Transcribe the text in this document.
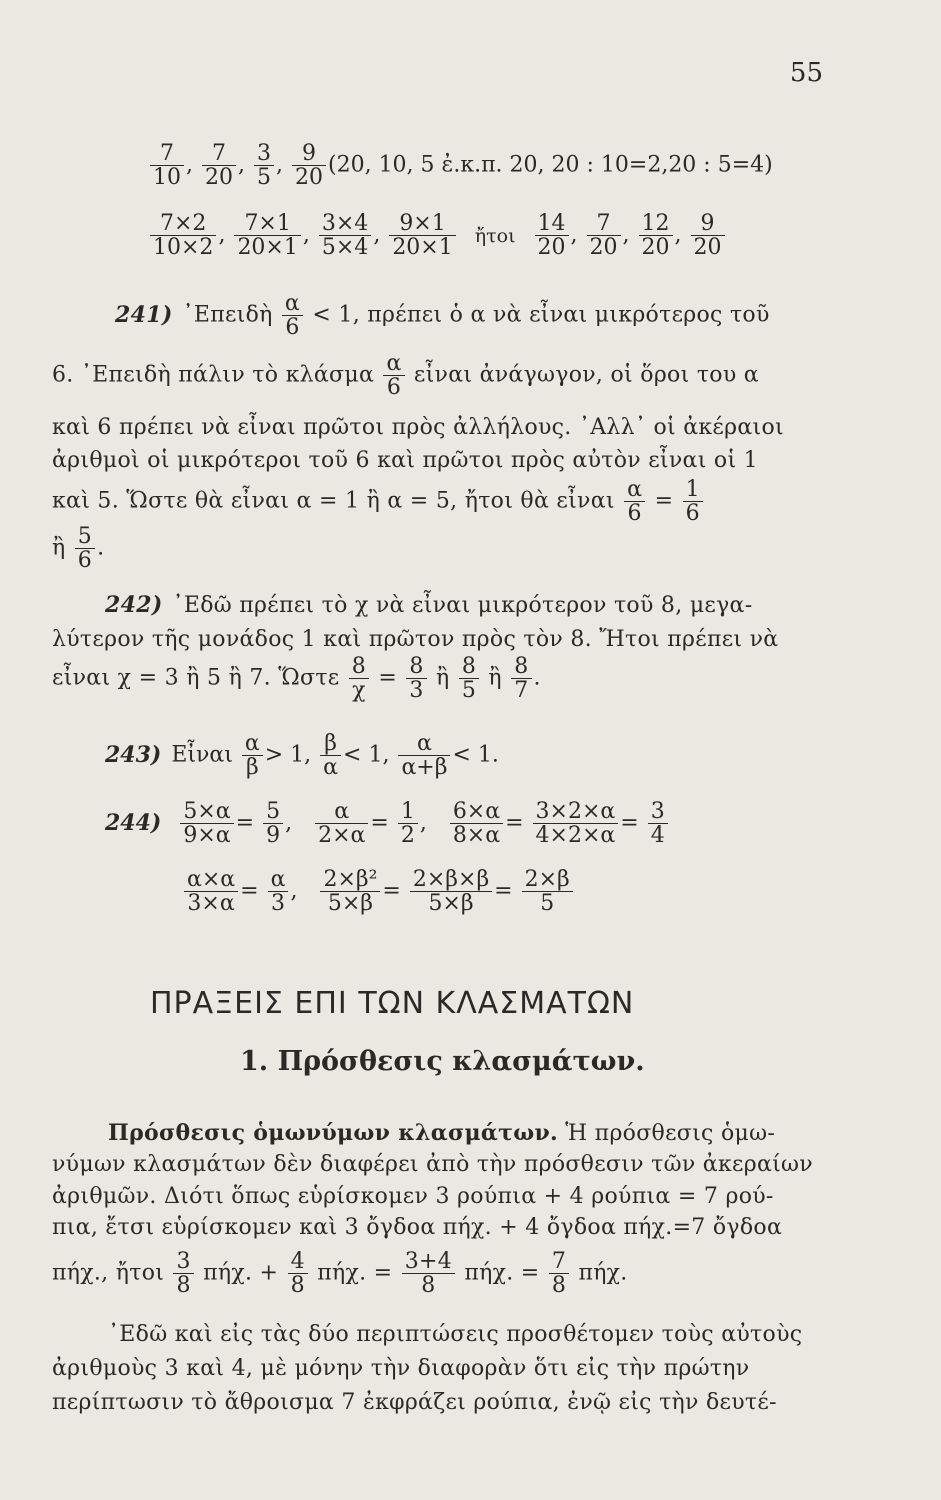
55
$\frac{7}{10}$ , $\frac{7}{20}$ , $\frac{3}{5}$ , $\frac{9}{20} (20$, 10, 5 ἐ.κ.π. 20, 20 : 10=2,20 : 5=4)
$\frac{7\times 2}{10\times 2}$ , $\frac{7\times 1}{20\times 1}$ , $\frac{3\times 4}{5\times 4}$ , $\frac{9\times 1}{20\times 1}$ ἤτοι $\frac{14}{20}$ , $\frac{7}{20}$ , $\frac{12}{20}$ , $\frac{9}{20}$
241) ᾿Επειδὴ $\frac{\alpha}{6} < 1$, πρέπει ὁ α νὰ εἶναι μικρότερος τοῦ
6. ᾿Επειδὴ πάλιν τὸ κλάσμα $\frac{\alpha}{6}$ εἶναι ἀνάγωγον, οἱ ὅροι του α
καὶ 6 πρέπει νὰ εἶναι πρῶτοι πρὸς ἀλλήλους. ᾿Αλλ᾿ οἱ ἀκέραιοι
ἀριθμοὶ οἱ μικρότεροι τοῦ 6 καὶ πρῶτοι πρὸς αὐτὸν εἶναι οἱ 1
καὶ 5. Ὥστε θὰ εἶναι α = 1 ἢ α = 5, ἤτοι θὰ εἶναι $\frac{\alpha}{6} = \frac{1}{6}$
ἢ $\frac{5}{6}$ .
242) ᾿Εδῶ πρέπει τὸ χ νὰ εἶναι μικρότερον τοῦ 8, μεγα-
λύτερον τῆς μονάδος 1 καὶ πρῶτον πρὸς τὸν 8. Ἤτοι πρέπει νὰ
εἶναι χ = 3 ἢ 5 ἢ 7. Ὥστε $\frac{8}{\chi} = \frac{8}{3}$ ἢ $\frac{8}{5}$ ἢ $\frac{8}{7}$ .
243) Εἶναι $\frac{\alpha}{\beta} > 1$, $\frac{\beta}{\alpha} < 1$, $\frac{\alpha}{\alpha+\beta} < 1$.
$244) \frac{5\times\alpha}{9\times\alpha} = \frac{5}{9}$ , $\frac{\alpha}{2\times\alpha} = \frac{1}{2}$ , $\frac{6\times\alpha}{8\times\alpha} = \frac{3\times 2\times\alpha}{4\times 2\times\alpha} = \frac{3}{4}$
$\frac{\alpha\times\alpha}{3\times\alpha} = \frac{\alpha}{3}$ , $\frac{\text{2×β²}}{5\times\beta} = \frac{2\times\beta\times\beta}{5\times\beta} = \frac{2\times\beta}{5}$
ΠΡΑΞΕΙΣ ΕΠΙ ΤΩΝ ΚΛΑΣΜΑΤΩΝ
1. Πρόσθεσις κλασμάτων.
Πρόσθεσις ὁμωνύμων κλασμάτων. Ἡ πρόσθεσις ὁμω-
νύμων κλασμάτων δὲν διαφέρει ἀπὸ τὴν πρόσθεσιν τῶν ἀκεραίων
ἀριθμῶν. Διότι ὅπως εὑρίσκομεν 3 ρούπια + 4 ρούπια = 7 ρού-
πια, ἔτσι εὑρίσκομεν καὶ 3 ὄγδοα πήχ. + 4 ὄγδοα πήχ.=7 ὄγδοα
πήχ., ἤτοι $\frac{3}{8} \pi ή\chi$. + $\frac{4}{8} \pi ή\chi$. = $\frac{3+4}{8} \pi ή\chi$. = $\frac{7}{8} \pi ή\chi$.
᾿Εδῶ καὶ εἰς τὰς δύο περιπτώσεις προσθέτομεν τοὺς αὐτοὺς
ἀριθμοὺς 3 καὶ 4, μὲ μόνην τὴν διαφορὰν ὅτι εἰς τὴν πρώτην
περίπτωσιν τὸ ἄθροισμα 7 ἐκφράζει ρούπια, ἐνῷ εἰς τὴν δευτέ-
